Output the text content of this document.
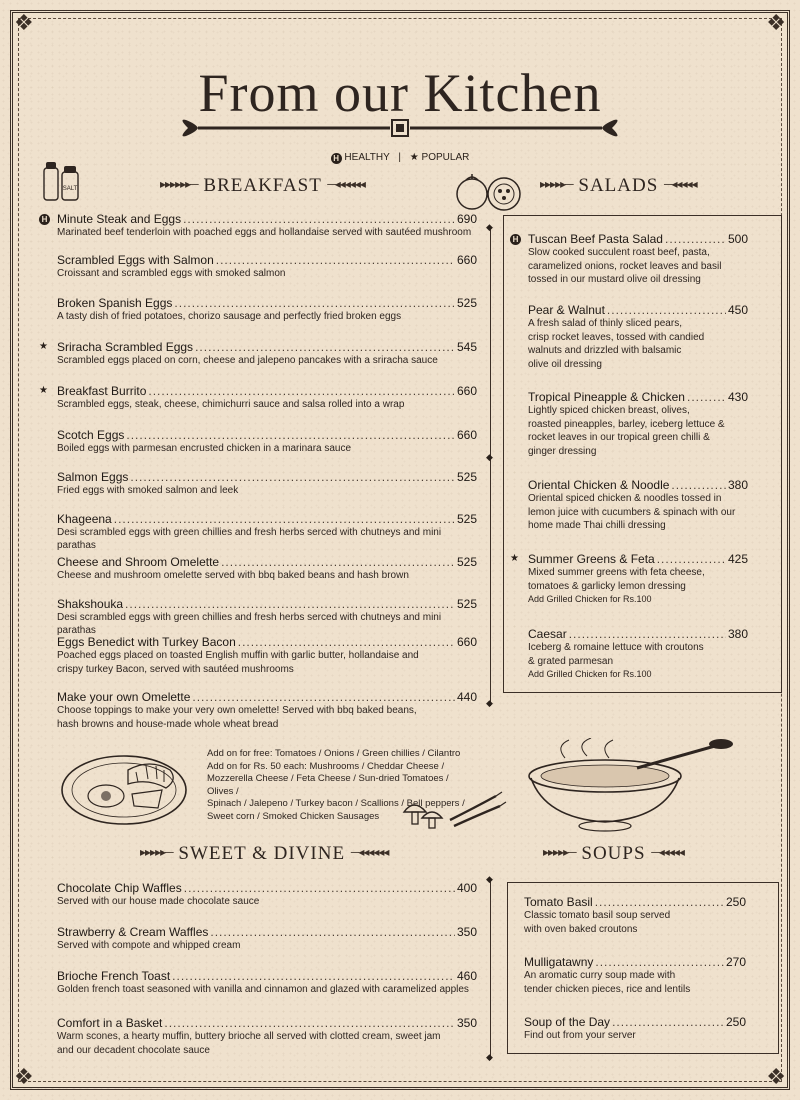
❖	❖
❖	❖
From our Kitchen
H HEALTHY | ★ POPULAR
SALT	▸▸▸▸▸▸─ BREAKFAST ─◂◂◂◂◂◂	▸▸▸▸▸─ SALADS ─◂◂◂◂◂
H Minute Steak and Eggs .....	690
Marinated beef tenderloin with poached eggs and hollandaise served with sautéed mushroom
Scrambled Eggs with Salmon .....	660
Croissant and scrambled eggs with smoked salmon
Broken Spanish Eggs .....	525
A tasty dish of fried potatoes, chorizo sausage and perfectly fried broken eggs
★ Sriracha Scrambled Eggs .....	545
Scrambled eggs placed on corn, cheese and jalepeno pancakes with a sriracha sauce
★ Breakfast Burrito .....	660
Scrambled eggs, steak, cheese, chimichurri sauce and salsa rolled into a wrap
Scotch Eggs .....	660
Boiled eggs with parmesan encrusted chicken in a marinara sauce
Salmon Eggs .....	525
Fried eggs with smoked salmon and leek
Khageena .....	525
Desi scrambled eggs with green chillies and fresh herbs serced with chutneys and mini parathas
Cheese and Shroom Omelette .....	525
Cheese and mushroom omelette served with bbq baked beans and hash brown
Shakshouka .....	525
Desi scrambled eggs with green chillies and fresh herbs serced with chutneys and mini parathas
Eggs Benedict with Turkey Bacon .....	660
Poached eggs placed on toasted English muffin with garlic butter, hollandaise and
crispy turkey Bacon, served with sautéed mushrooms
Make your own Omelette .....	440
Choose toppings to make your very own omelette! Served with bbq baked beans,
hash browns and house-made whole wheat bread
◆
◆
◆
H Tuscan Beef Pasta Salad .....	500
Slow cooked succulent roast beef, pasta,
caramelized onions, rocket leaves and basil
tossed in our mustard olive oil dressing
Pear & Walnut .....	450
A fresh salad of thinly sliced pears,
crisp rocket leaves, tossed with candied
walnuts and drizzled with balsamic
olive oil dressing
Tropical Pineapple & Chicken .....	430
Lightly spiced chicken breast, olives,
roasted pineapples, barley, iceberg lettuce &
rocket leaves in our tropical green chilli &
ginger dressing
Oriental Chicken & Noodle .....	380
Oriental spiced chicken & noodles tossed in
lemon juice with cucumbers & spinach with our
home made Thai chilli dressing
★ Summer Greens & Feta .....	425
Mixed summer greens with feta cheese,
tomatoes & garlicky lemon dressing
Add Grilled Chicken for Rs.100
Caesar .....	380
Iceberg & romaine lettuce with croutons
& grated parmesan
Add Grilled Chicken for Rs.100
Add on for free: Tomatoes / Onions / Green chillies / Cilantro
Add on for Rs. 50 each: Mushrooms / Cheddar Cheese /
Mozzerella Cheese / Feta Cheese / Sun-dried Tomatoes / Olives /
Spinach / Jalepeno / Turkey bacon / Scallions / Bell peppers /
Sweet corn / Smoked Chicken Sausages
▸▸▸▸▸─ SWEET & DIVINE ─◂◂◂◂◂◂	▸▸▸▸▸─ SOUPS ─◂◂◂◂◂
◆
◆
Chocolate Chip Waffles .....	400
Served with our house made chocolate sauce
Strawberry & Cream Waffles .....	350
Served with compote and whipped cream
Brioche French Toast .....	460
Golden french toast seasoned with vanilla and cinnamon and glazed with caramelized apples
Comfort in a Basket .....	350
Warm scones, a hearty muffin, buttery brioche all served with clotted cream, sweet jam
and our decadent chocolate sauce
Tomato Basil .....	250
Classic tomato basil soup served
with oven baked croutons
Mulligatawny .....	270
An aromatic curry soup made with
tender chicken pieces, rice and lentils
Soup of the Day .....	250
Find out from your server
